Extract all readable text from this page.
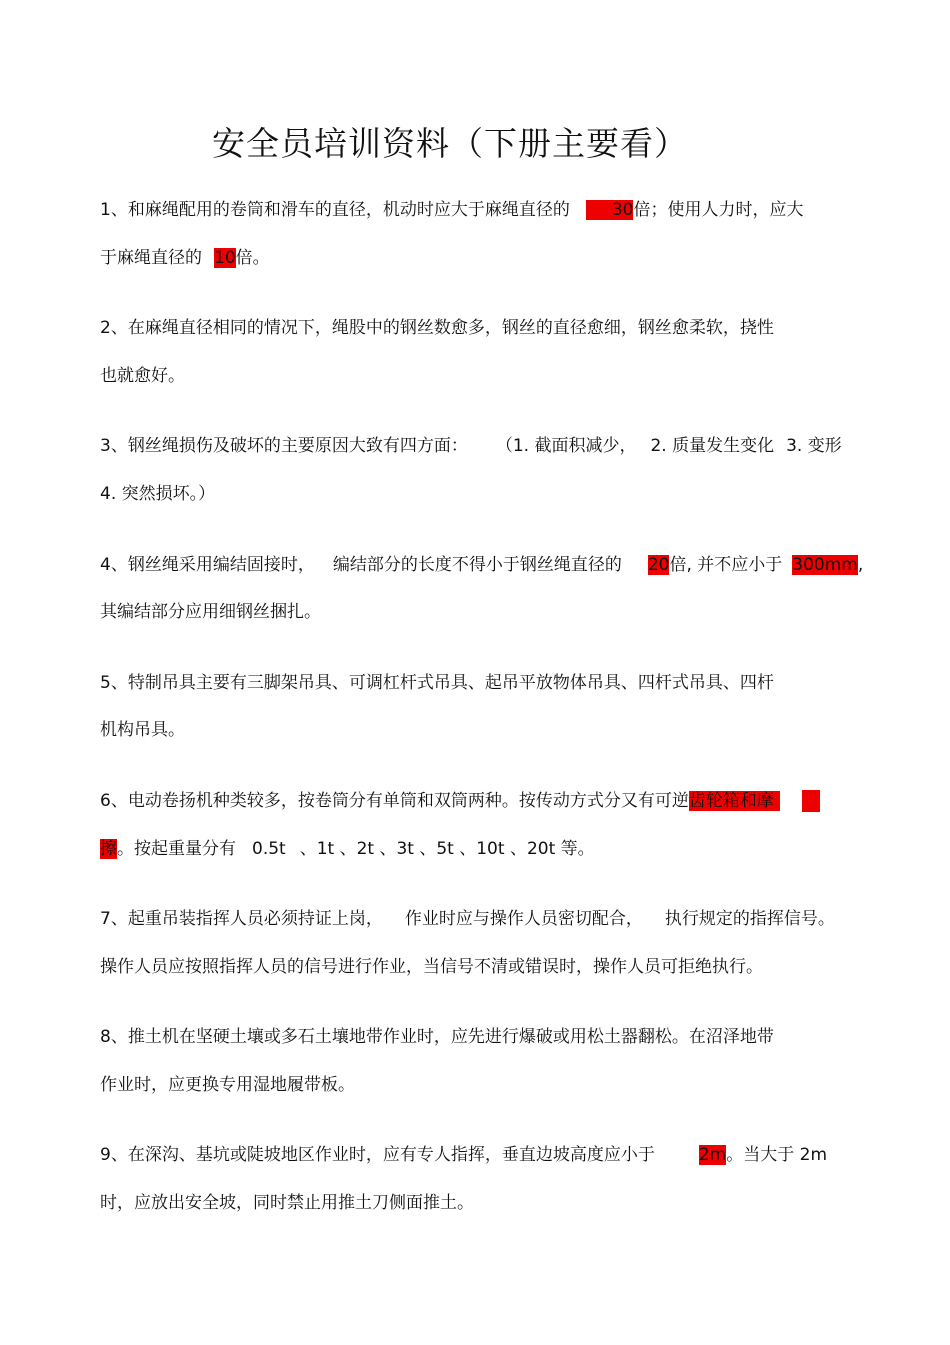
安全员培训资料（下册主要看）
1、和麻绳配用的卷筒和滑车的直径，机动时应大于麻绳直径的 30倍；使用人力时，应大
于麻绳直径的 10倍。
2、在麻绳直径相同的情况下，绳股中的钢丝数愈多，钢丝的直径愈细，钢丝愈柔软，挠性
也就愈好。
3、钢丝绳损伤及破坏的主要原因大致有四方面： （1. 截面积减少， 2. 质量发生变化 3. 变形
4. 突然损坏。）
4、钢丝绳采用编结固接时， 编结部分的长度不得小于钢丝绳直径的 20倍, 并不应小于 300mm,
其编结部分应用细钢丝捆扎。
5、特制吊具主要有三脚架吊具、可调杠杆式吊具、起吊平放物体吊具、四杆式吊具、四杆
机构吊具。
6、电动卷扬机种类较多，按卷筒分有单筒和双筒两种。按传动方式分又有可逆齿轮箱和摩
擦。按起重量分有 0.5t 、1t 、2t 、3t 、5t 、10t 、20t 等。
7、起重吊装指挥人员必须持证上岗， 作业时应与操作人员密切配合， 执行规定的指挥信号。
操作人员应按照指挥人员的信号进行作业，当信号不清或错误时，操作人员可拒绝执行。
8、推土机在坚硬土壤或多石土壤地带作业时，应先进行爆破或用松土器翻松。在沼泽地带
作业时，应更换专用湿地履带板。
9、在深沟、基坑或陡坡地区作业时，应有专人指挥，垂直边坡高度应小于	2m。当大于 2m
时，应放出安全坡，同时禁止用推土刀侧面推土。
